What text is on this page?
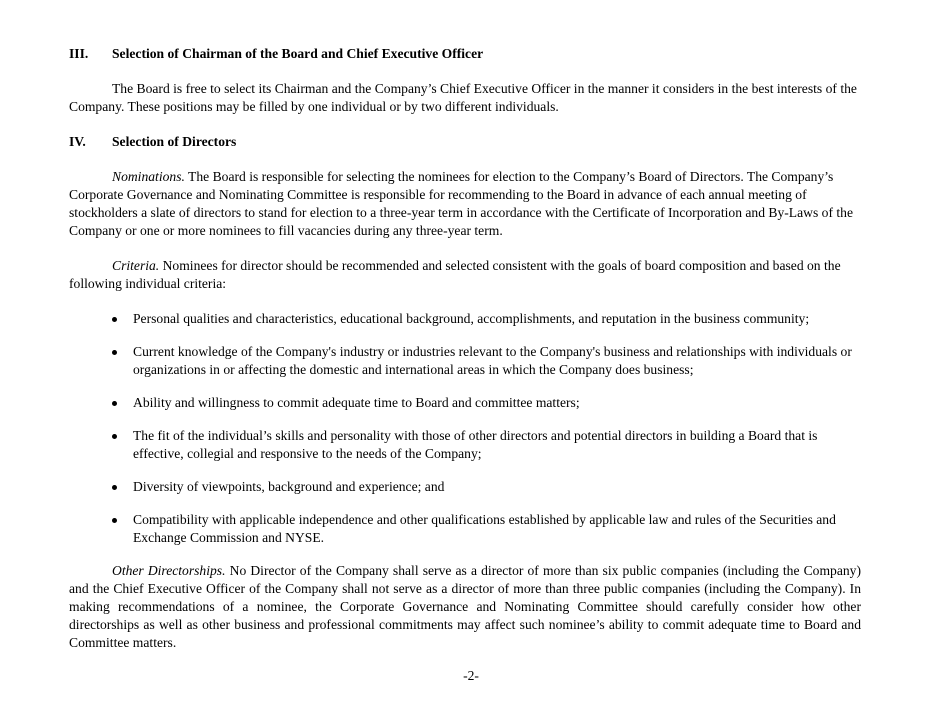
III. Selection of Chairman of the Board and Chief Executive Officer

The Board is free to select its Chairman and the Company’s Chief Executive Officer in the manner it considers in the best interests of the Company. These positions may be filled by one individual or by two different individuals.

IV. Selection of Directors

Nominations. The Board is responsible for selecting the nominees for election to the Company’s Board of Directors. The Company’s Corporate Governance and Nominating Committee is responsible for recommending to the Board in advance of each annual meeting of stockholders a slate of directors to stand for election to a three-year term in accordance with the Certificate of Incorporation and By-Laws of the Company or one or more nominees to fill vacancies during any three-year term.

Criteria. Nominees for director should be recommended and selected consistent with the goals of board composition and based on the following individual criteria:

Personal qualities and characteristics, educational background, accomplishments, and reputation in the business community;
Current knowledge of the Company's industry or industries relevant to the Company's business and relationships with individuals or organizations in or affecting the domestic and international areas in which the Company does business;
Ability and willingness to commit adequate time to Board and committee matters;
The fit of the individual’s skills and personality with those of other directors and potential directors in building a Board that is effective, collegial and responsive to the needs of the Company;
Diversity of viewpoints, background and experience; and
Compatibility with applicable independence and other qualifications established by applicable law and rules of the Securities and Exchange Commission and NYSE.

Other Directorships. No Director of the Company shall serve as a director of more than six public companies (including the Company) and the Chief Executive Officer of the Company shall not serve as a director of more than three public companies (including the Company). In making recommendations of a nominee, the Corporate Governance and Nominating Committee should carefully consider how other directorships as well as other business and professional commitments may affect such nominee’s ability to commit adequate time to Board and Committee matters.

-2-
